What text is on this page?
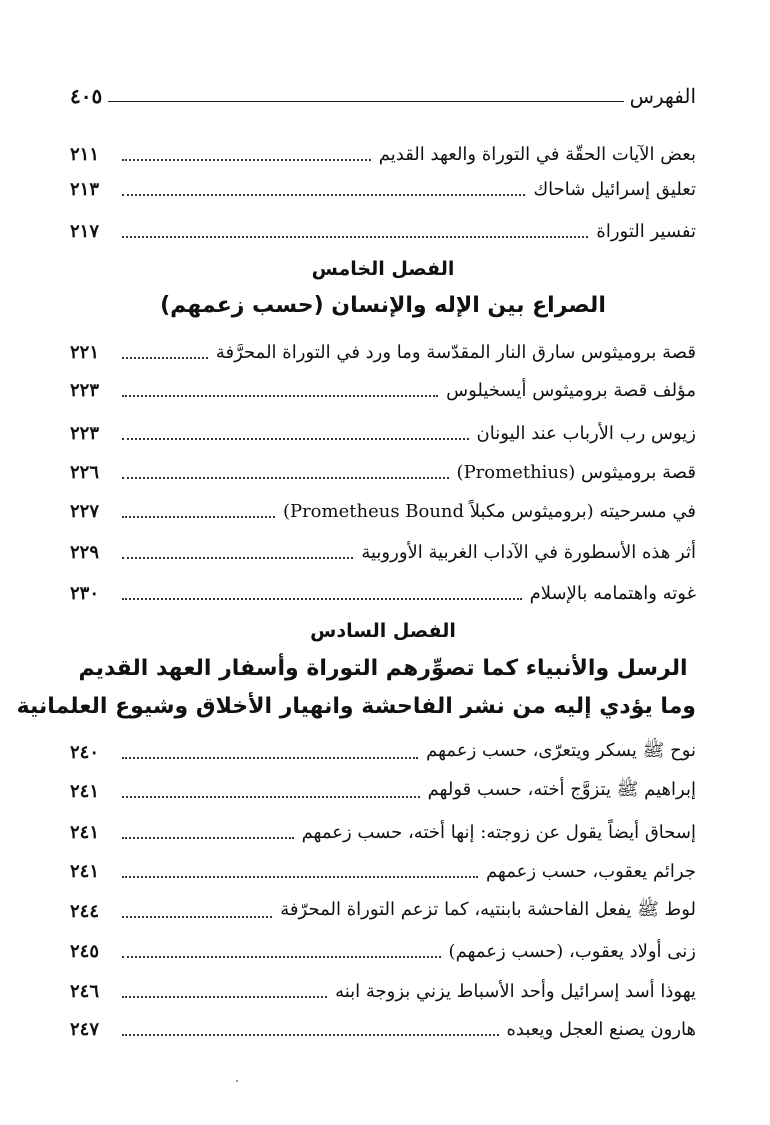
الفهرس
٤٠٥
بعض الآيات الحقّة في التوراة والعهد القديم
٢١١
تعليق إسرائيل شاحاك
٢١٣
تفسير التوراة
٢١٧
الفصل الخامس
الصراع بين الإله والإنسان (حسب زعمهم)
قصة بروميثوس سارق النار المقدّسة وما ورد في التوراة المحرَّفة
٢٢١
مؤلف قصة بروميثوس أيسخيلوس
٢٢٣
زيوس رب الأرباب عند اليونان
٢٢٣
قصة بروميثوس (Promethius)
٢٢٦
في مسرحيته (بروميثوس مكبلاً Prometheus Bound)
٢٢٧
أثر هذه الأسطورة في الآداب الغربية الأوروبية
٢٢٩
غوته واهتمامه بالإسلام
٢٣٠
الفصل السادس
الرسل والأنبياء كما تصوِّرهم التوراة وأسفار العهد القديم
وما يؤدي إليه من نشر الفاحشة وانهيار الأخلاق وشيوع العلمانية
نوح ﷺ يسكر ويتعرّى، حسب زعمهم
٢٤٠
إبراهيم ﷺ يتزوَّج أخته، حسب قولهم
٢٤١
إسحاق أيضاً يقول عن زوجته: إنها أخته، حسب زعمهم
٢٤١
جرائم يعقوب، حسب زعمهم
٢٤١
لوط ﷺ يفعل الفاحشة بابنتيه، كما تزعم التوراة المحرّفة
٢٤٤
زنى أولاد يعقوب، (حسب زعمهم)
٢٤٥
يهوذا أسد إسرائيل وأحد الأسباط يزني بزوجة ابنه
٢٤٦
هارون يصنع العجل ويعبده
٢٤٧
